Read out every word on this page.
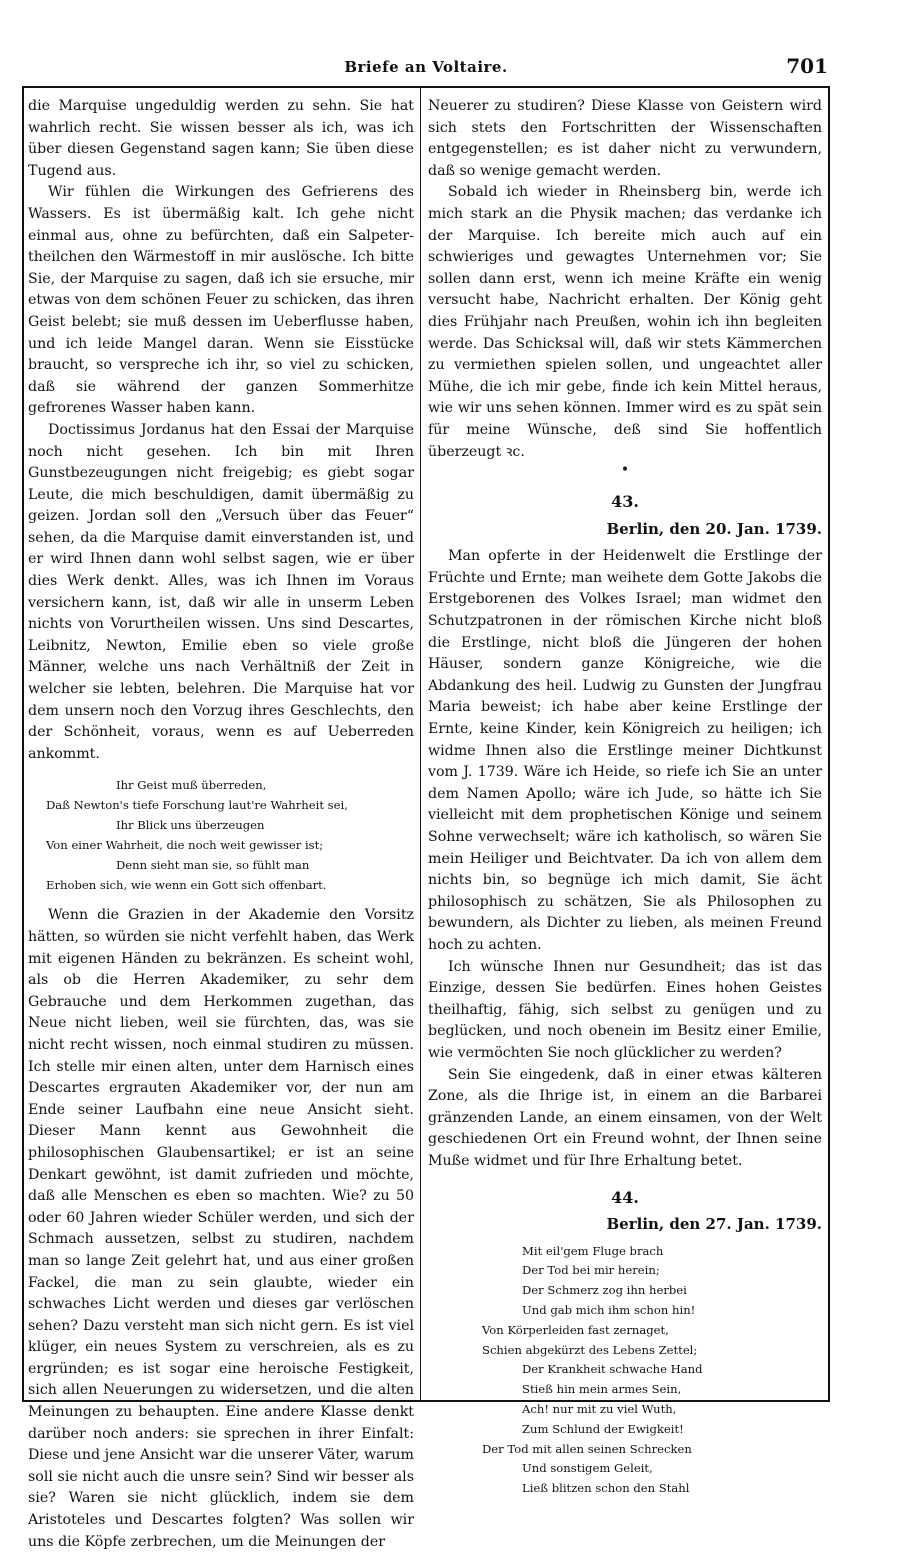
Briefe an Voltaire.	701

die Marquise ungeduldig werden zu sehn. Sie hat wahrlich recht. Sie wissen besser als ich, was ich über diesen Gegenstand sagen kann; Sie üben diese Tugend aus.

Wir fühlen die Wirkungen des Gefrierens des Wassers. Es ist übermäßig kalt. Ich gehe nicht einmal aus, ohne zu befürchten, daß ein Salpeter-theilchen den Wärmestoff in mir auslösche. Ich bitte Sie, der Marquise zu sagen, daß ich sie ersuche, mir etwas von dem schönen Feuer zu schicken, das ihren Geist belebt; sie muß dessen im Ueberflusse haben, und ich leide Mangel daran. Wenn sie Eisstücke braucht, so verspreche ich ihr, so viel zu schicken, daß sie während der ganzen Sommerhitze gefrorenes Wasser haben kann.

Doctissimus Jordanus hat den Essai der Marquise noch nicht gesehen. Ich bin mit Ihren Gunstbezeugungen nicht freigebig; es giebt sogar Leute, die mich beschuldigen, damit übermäßig zu geizen. Jordan soll den „Versuch über das Feuer“ sehen, da die Marquise damit einverstanden ist, und er wird Ihnen dann wohl selbst sagen, wie er über dies Werk denkt. Alles, was ich Ihnen im Voraus versichern kann, ist, daß wir alle in unserm Leben nichts von Vorurtheilen wissen. Uns sind Descartes, Leibnitz, Newton, Emilie eben so viele große Männer, welche uns nach Verhältniß der Zeit in welcher sie lebten, belehren. Die Marquise hat vor dem unsern noch den Vorzug ihres Geschlechts, den der Schönheit, voraus, wenn es auf Ueberreden ankommt.

Ihr Geist muß überreden,
Daß Newton's tiefe Forschung laut're Wahrheit sei,
Ihr Blick uns überzeugen
Von einer Wahrheit, die noch weit gewisser ist;
Denn sieht man sie, so fühlt man
Erhoben sich, wie wenn ein Gott sich offenbart.

Wenn die Grazien in der Akademie den Vorsitz hätten, so würden sie nicht verfehlt haben, das Werk mit eigenen Händen zu bekränzen. Es scheint wohl, als ob die Herren Akademiker, zu sehr dem Gebrauche und dem Herkommen zugethan, das Neue nicht lieben, weil sie fürchten, das, was sie nicht recht wissen, noch einmal studiren zu müssen. Ich stelle mir einen alten, unter dem Harnisch eines Descartes ergrauten Akademiker vor, der nun am Ende seiner Laufbahn eine neue Ansicht sieht. Dieser Mann kennt aus Gewohnheit die philosophischen Glaubensartikel; er ist an seine Denkart gewöhnt, ist damit zufrieden und möchte, daß alle Menschen es eben so machten. Wie? zu 50 oder 60 Jahren wieder Schüler werden, und sich der Schmach aussetzen, selbst zu studiren, nachdem man so lange Zeit gelehrt hat, und aus einer großen Fackel, die man zu sein glaubte, wieder ein schwaches Licht werden und dieses gar verlöschen sehen? Dazu versteht man sich nicht gern. Es ist viel klüger, ein neues System zu verschreien, als es zu ergründen; es ist sogar eine heroische Festigkeit, sich allen Neuerungen zu widersetzen, und die alten Meinungen zu behaupten. Eine andere Klasse denkt darüber noch anders: sie sprechen in ihrer Einfalt: Diese und jene Ansicht war die unserer Väter, warum soll sie nicht auch die unsre sein? Sind wir besser als sie? Waren sie nicht glücklich, indem sie dem Aristoteles und Descartes folgten? Was sollen wir uns die Köpfe zerbrechen, um die Meinungen der

Neuerer zu studiren? Diese Klasse von Geistern wird sich stets den Fortschritten der Wissenschaften entgegenstellen; es ist daher nicht zu verwundern, daß so wenige gemacht werden.

Sobald ich wieder in Rheinsberg bin, werde ich mich stark an die Physik machen; das verdanke ich der Marquise. Ich bereite mich auch auf ein schwieriges und gewagtes Unternehmen vor; Sie sollen dann erst, wenn ich meine Kräfte ein wenig versucht habe, Nachricht erhalten. Der König geht dies Frühjahr nach Preußen, wohin ich ihn begleiten werde. Das Schicksal will, daß wir stets Kämmerchen zu vermiethen spielen sollen, und ungeachtet aller Mühe, die ich mir gebe, finde ich kein Mittel heraus, wie wir uns sehen können. Immer wird es zu spät sein für meine Wünsche, deß sind Sie hoffentlich überzeugt ꝛc.

•
43.
Berlin, den 20. Jan. 1739.

Man opferte in der Heidenwelt die Erstlinge der Früchte und Ernte; man weihete dem Gotte Jakobs die Erstgeborenen des Volkes Israel; man widmet den Schutzpatronen in der römischen Kirche nicht bloß die Erstlinge, nicht bloß die Jüngeren der hohen Häuser, sondern ganze Königreiche, wie die Abdankung des heil. Ludwig zu Gunsten der Jungfrau Maria beweist; ich habe aber keine Erstlinge der Ernte, keine Kinder, kein Königreich zu heiligen; ich widme Ihnen also die Erstlinge meiner Dichtkunst vom J. 1739. Wäre ich Heide, so riefe ich Sie an unter dem Namen Apollo; wäre ich Jude, so hätte ich Sie vielleicht mit dem prophetischen Könige und seinem Sohne verwechselt; wäre ich katholisch, so wären Sie mein Heiliger und Beichtvater. Da ich von allem dem nichts bin, so begnüge ich mich damit, Sie ächt philosophisch zu schätzen, Sie als Philosophen zu bewundern, als Dichter zu lieben, als meinen Freund hoch zu achten.

Ich wünsche Ihnen nur Gesundheit; das ist das Einzige, dessen Sie bedürfen. Eines hohen Geistes theilhaftig, fähig, sich selbst zu genügen und zu beglücken, und noch obenein im Besitz einer Emilie, wie vermöchten Sie noch glücklicher zu werden?

Sein Sie eingedenk, daß in einer etwas kälteren Zone, als die Ihrige ist, in einem an die Barbarei gränzenden Lande, an einem einsamen, von der Welt geschiedenen Ort ein Freund wohnt, der Ihnen seine Muße widmet und für Ihre Erhaltung betet.

44.
Berlin, den 27. Jan. 1739.
Mit eil'gem Fluge brach
Der Tod bei mir herein;
Der Schmerz zog ihn herbei
Und gab mich ihm schon hin!
Von Körperleiden fast zernaget,
Schien abgekürzt des Lebens Zettel;
Der Krankheit schwache Hand
Stieß hin mein armes Sein,
Ach! nur mit zu viel Wuth,
Zum Schlund der Ewigkeit!
Der Tod mit allen seinen Schrecken
Und sonstigem Geleit,
Ließ blitzen schon den Stahl
